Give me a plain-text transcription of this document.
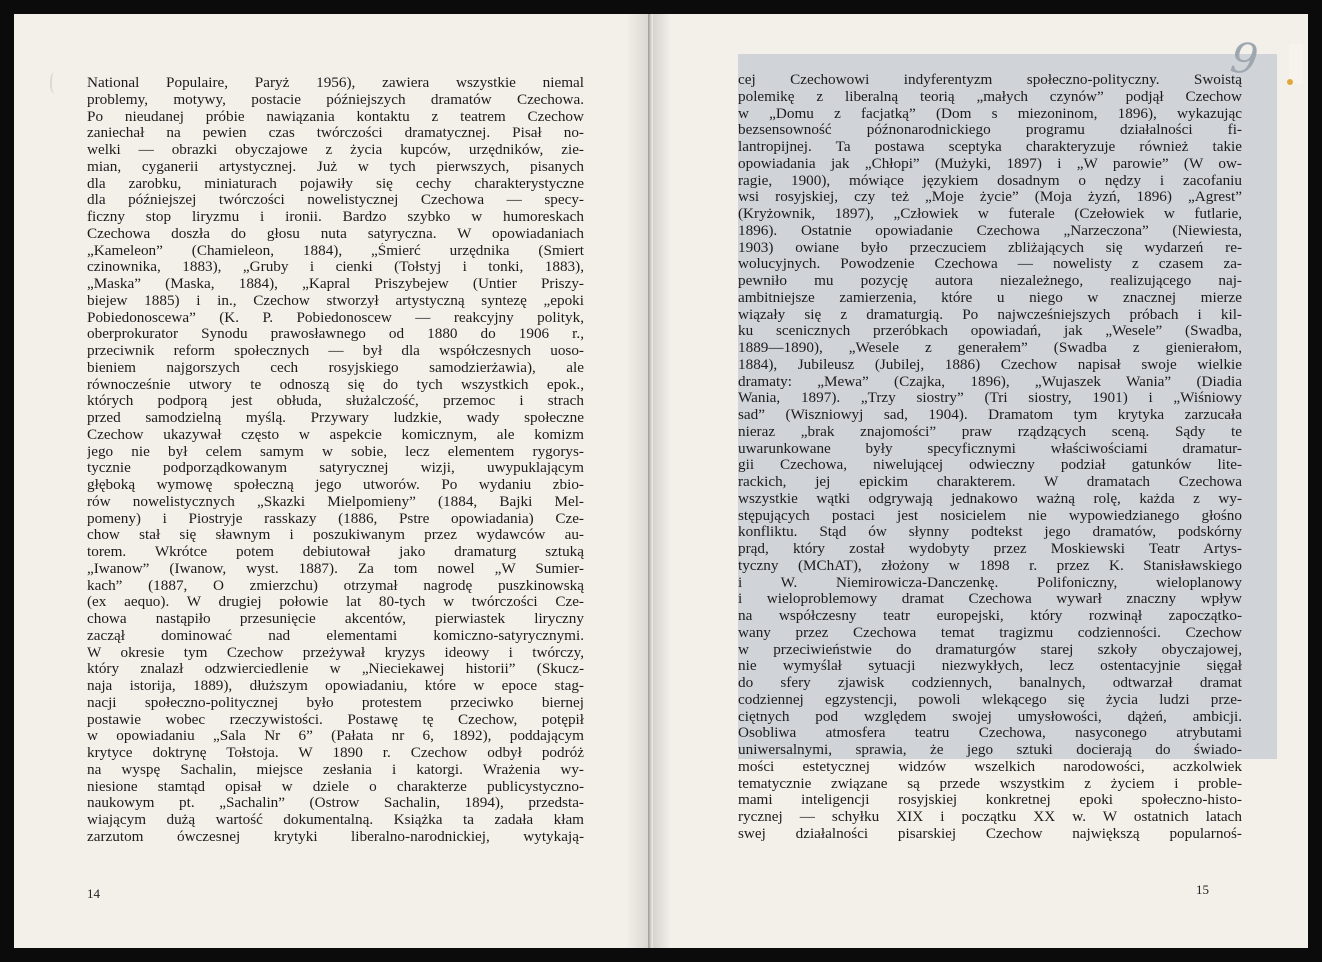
National Populaire, Paryż 1956), zawiera wszystkie niemal
problemy, motywy, postacie późniejszych dramatów Czechowa.
Po nieudanej próbie nawiązania kontaktu z teatrem Czechow
zaniechał na pewien czas twórczości dramatycznej. Pisał no-
welki — obrazki obyczajowe z życia kupców, urzędników, zie-
mian, cyganerii artystycznej. Już w tych pierwszych, pisanych
dla zarobku, miniaturach pojawiły się cechy charakterystyczne
dla późniejszej twórczości nowelistycznej Czechowa — specy-
ficzny stop liryzmu i ironii. Bardzo szybko w humoreskach
Czechowa doszła do głosu nuta satyryczna. W opowiadaniach
„Kameleon” (Chamieleon, 1884), „Śmierć urzędnika (Smiert
czinownika, 1883), „Gruby i cienki (Tołstyj i tonki, 1883),
„Maska” (Maska, 1884), „Kapral Priszybejew (Untier Priszy-
biejew 1885) i in., Czechow stworzył artystyczną syntezę „epoki
Pobiedonoscewa” (K. P. Pobiedonoscew — reakcyjny polityk,
oberprokurator Synodu prawosławnego od 1880 do 1906 r.,
przeciwnik reform społecznych — był dla współczesnych uoso-
bieniem najgorszych cech rosyjskiego samodzierżawia), ale
równocześnie utwory te odnoszą się do tych wszystkich epok.,
których podporą jest obłuda, służalczość, przemoc i strach
przed samodzielną myślą. Przywary ludzkie, wady społeczne
Czechow ukazywał często w aspekcie komicznym, ale komizm
jego nie był celem samym w sobie, lecz elementem rygorys-
tycznie podporządkowanym satyrycznej wizji, uwypuklającym
głęboką wymowę społeczną jego utworów. Po wydaniu zbio-
rów nowelistycznych „Skazki Mielpomieny” (1884, Bajki Mel-
pomeny) i Piostryje rasskazy (1886, Pstre opowiadania) Cze-
chow stał się sławnym i poszukiwanym przez wydawców au-
torem. Wkrótce potem debiutował jako dramaturg sztuką
„Iwanow” (Iwanow, wyst. 1887). Za tom nowel „W Sumier-
kach” (1887, O zmierzchu) otrzymał nagrodę puszkinowską
(ex aequo). W drugiej połowie lat 80-tych w twórczości Cze-
chowa nastąpiło przesunięcie akcentów, pierwiastek liryczny
zaczął dominować nad elementami komiczno-satyrycznymi.
W okresie tym Czechow przeżywał kryzys ideowy i twórczy,
który znalazł odzwierciedlenie w „Nieciekawej historii” (Skucz-
naja istorija, 1889), dłuższym opowiadaniu, które w epoce stag-
nacji społeczno-politycznej było protestem przeciwko biernej
postawie wobec rzeczywistości. Postawę tę Czechow, potępił
w opowiadaniu „Sala Nr 6” (Pałata nr 6, 1892), poddającym
krytyce doktrynę Tołstoja. W 1890 r. Czechow odbył podróż
na wyspę Sachalin, miejsce zesłania i katorgi. Wrażenia wy-
niesione stamtąd opisał w dziele o charakterze publicystyczno-
naukowym pt. „Sachalin” (Ostrow Sachalin, 1894), przedsta-
wiającym dużą wartość dokumentalną. Książka ta zadała kłam
zarzutom ówczesnej krytyki liberalno-narodnickiej, wytykają-
14
9
cej Czechowowi indyferentyzm społeczno-polityczny. Swoistą
polemikę z liberalną teorią „małych czynów” podjął Czechow
w „Domu z facjatką” (Dom s miezoninom, 1896), wykazując
bezsensowność późnonarodnickiego programu działalności fi-
lantropijnej. Ta postawa sceptyka charakteryzuje również takie
opowiadania jak „Chłopi” (Mużyki, 1897) i „W parowie” (W ow-
ragie, 1900), mówiące językiem dosadnym o nędzy i zacofaniu
wsi rosyjskiej, czy też „Moje życie” (Moja żyzń, 1896) „Agrest”
(Kryżownik, 1897), „Człowiek w futerale (Czełowiek w futlarie,
1896). Ostatnie opowiadanie Czechowa „Narzeczona” (Niewiesta,
1903) owiane było przeczuciem zbliżających się wydarzeń re-
wolucyjnych. Powodzenie Czechowa — nowelisty z czasem za-
pewniło mu pozycję autora niezależnego, realizującego naj-
ambitniejsze zamierzenia, które u niego w znacznej mierze
wiązały się z dramaturgią. Po najwcześniejszych próbach i kil-
ku scenicznych przeróbkach opowiadań, jak „Wesele” (Swadba,
1889—1890), „Wesele z generałem” (Swadba z gienierałom,
1884), Jubileusz (Jubilej, 1886) Czechow napisał swoje wielkie
dramaty: „Mewa” (Czajka, 1896), „Wujaszek Wania” (Diadia
Wania, 1897). „Trzy siostry” (Tri siostry, 1901) i „Wiśniowy
sad” (Wiszniowyj sad, 1904). Dramatom tym krytyka zarzucała
nieraz „brak znajomości” praw rządzących sceną. Sądy te
uwarunkowane były specyficznymi właściwościami dramatur-
gii Czechowa, niwelującej odwieczny podział gatunków lite-
rackich, jej epickim charakterem. W dramatach Czechowa
wszystkie wątki odgrywają jednakowo ważną rolę, każda z wy-
stępujących postaci jest nosicielem nie wypowiedzianego głośno
konfliktu. Stąd ów słynny podtekst jego dramatów, podskórny
prąd, który został wydobyty przez Moskiewski Teatr Artys-
tyczny (MChAT), złożony w 1898 r. przez K. Stanisławskiego
i W. Niemirowicza-Danczenkę. Polifoniczny, wieloplanowy
i wieloproblemowy dramat Czechowa wywarł znaczny wpływ
na współczesny teatr europejski, który rozwinął zapoczątko-
wany przez Czechowa temat tragizmu codzienności. Czechow
w przeciwieństwie do dramaturgów starej szkoły obyczajowej,
nie wymyślał sytuacji niezwykłych, lecz ostentacyjnie sięgał
do sfery zjawisk codziennych, banalnych, odtwarzał dramat
codziennej egzystencji, powoli wlekącego się życia ludzi prze-
ciętnych pod względem swojej umysłowości, dążeń, ambicji.
Osobliwa atmosfera teatru Czechowa, nasyconego atrybutami
uniwersalnymi, sprawia, że jego sztuki docierają do świado-
mości estetycznej widzów wszelkich narodowości, aczkolwiek
tematycznie związane są przede wszystkim z życiem i proble-
mami inteligencji rosyjskiej konkretnej epoki społeczno-histo-
rycznej — schyłku XIX i początku XX w. W ostatnich latach
swej działalności pisarskiej Czechow największą popularnoś-
15
